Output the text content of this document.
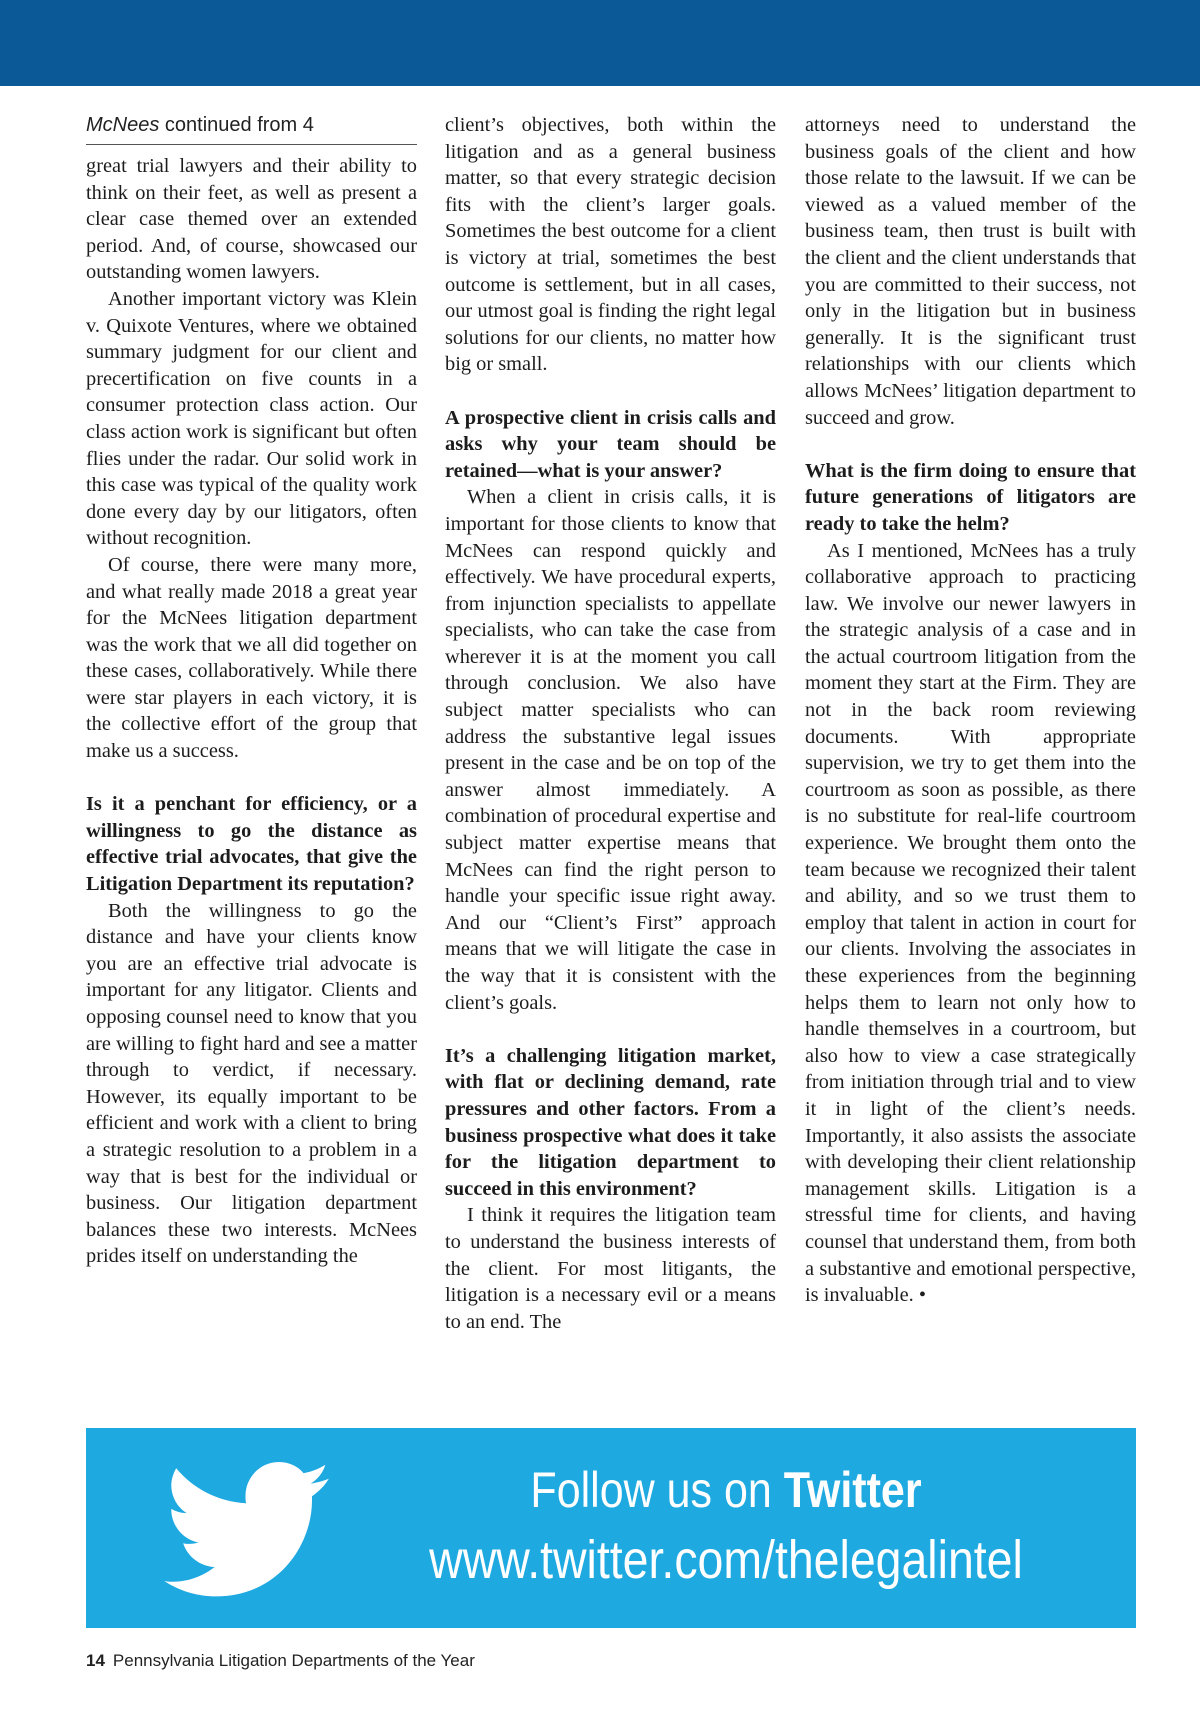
McNees continued from 4

great trial lawyers and their ability to think on their feet, as well as present a clear case themed over an extended period. And, of course, showcased our outstanding women lawyers.

Another important victory was Klein v. Quixote Ventures, where we obtained summary judgment for our client and precertification on five counts in a consumer protection class action. Our class action work is significant but often flies under the radar. Our solid work in this case was typical of the quality work done every day by our litigators, often without recognition.

Of course, there were many more, and what really made 2018 a great year for the McNees litigation department was the work that we all did together on these cases, collaboratively. While there were star players in each victory, it is the collective effort of the group that make us a success.

Is it a penchant for efficiency, or a willingness to go the distance as effective trial advocates, that give the Litigation Department its reputation?

Both the willingness to go the distance and have your clients know you are an effective trial advocate is important for any litigator. Clients and opposing counsel need to know that you are willing to fight hard and see a matter through to verdict, if necessary. However, its equally important to be efficient and work with a client to bring a strategic resolution to a problem in a way that is best for the individual or business. Our litigation department balances these two interests. McNees prides itself on understanding the

client’s objectives, both within the litigation and as a general business matter, so that every strategic decision fits with the client’s larger goals. Sometimes the best outcome for a client is victory at trial, sometimes the best outcome is settlement, but in all cases, our utmost goal is finding the right legal solutions for our clients, no matter how big or small.

A prospective client in crisis calls and asks why your team should be retained—what is your answer?

When a client in crisis calls, it is important for those clients to know that McNees can respond quickly and effectively. We have procedural experts, from injunction specialists to appellate specialists, who can take the case from wherever it is at the moment you call through conclusion. We also have subject matter specialists who can address the substantive legal issues present in the case and be on top of the answer almost immediately. A combination of procedural expertise and subject matter expertise means that McNees can find the right person to handle your specific issue right away. And our “Client’s First” approach means that we will litigate the case in the way that it is consistent with the client’s goals.

It’s a challenging litigation market, with flat or declining demand, rate pressures and other factors. From a business prospective what does it take for the litigation department to succeed in this environment?

I think it requires the litigation team to understand the business interests of the client. For most litigants, the litigation is a necessary evil or a means to an end. The

attorneys need to understand the business goals of the client and how those relate to the lawsuit. If we can be viewed as a valued member of the business team, then trust is built with the client and the client understands that you are committed to their success, not only in the litigation but in business generally. It is the significant trust relationships with our clients which allows McNees’ litigation department to succeed and grow.

What is the firm doing to ensure that future generations of litigators are ready to take the helm?

As I mentioned, McNees has a truly collaborative approach to practicing law. We involve our newer lawyers in the strategic analysis of a case and in the actual courtroom litigation from the moment they start at the Firm. They are not in the back room reviewing documents. With appropriate supervision, we try to get them into the courtroom as soon as possible, as there is no substitute for real-life courtroom experience. We brought them onto the team because we recognized their talent and ability, and so we trust them to employ that talent in action in court for our clients. Involving the associates in these experiences from the beginning helps them to learn not only how to handle themselves in a courtroom, but also how to view a case strategically from initiation through trial and to view it in light of the client’s needs. Importantly, it also assists the associate with developing their client relationship management skills. Litigation is a stressful time for clients, and having counsel that understand them, from both a substantive and emotional perspective, is invaluable. •

Follow us on Twitter
www.twitter.com/thelegalintel
14 Pennsylvania Litigation Departments of the Year
